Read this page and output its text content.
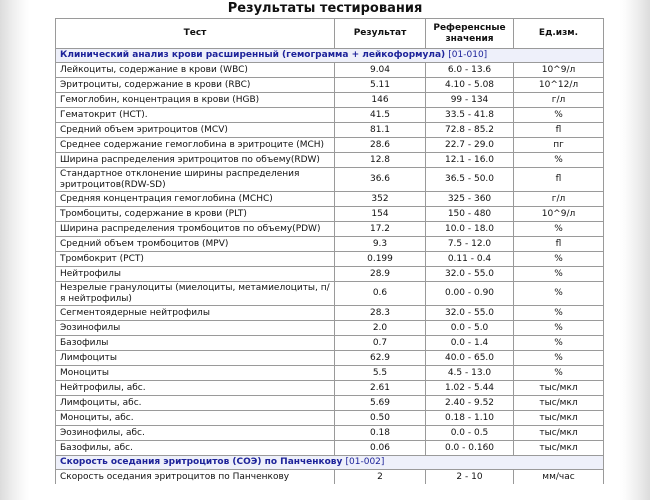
Результаты тестирования
Тест	Результат	Референсные значения	Ед.изм.
Клинический анализ крови расширенный (гемограмма + лейкоформула) [01-010]			
Лейкоциты, содержание в крови (WBC)	9.04	6.0 - 13.6	10^9/л
Эритроциты, содержание в крови (RBC)	5.11	4.10 - 5.08	10^12/л
Гемоглобин, концентрация в крови (HGB)	146	99 - 134	г/л
Гематокрит (HCT).	41.5	33.5 - 41.8	%
Средний объем эритроцитов (MCV)	81.1	72.8 - 85.2	fl
Среднее содержание гемоглобина в эритроците (MCH)	28.6	22.7 - 29.0	пг
Ширина распределения эритроцитов по объему(RDW)	12.8	12.1 - 16.0	%
Стандартное отклонение ширины распределения эритроцитов(RDW-SD)	36.6	36.5 - 50.0	fl
Средняя концентрация гемоглобина (MCHC)	352	325 - 360	г/л
Тромбоциты, содержание в крови (PLT)	154	150 - 480	10^9/л
Ширина распределения тромбоцитов по объему(PDW)	17.2	10.0 - 18.0	%
Средний объем тромбоцитов (MPV)	9.3	7.5 - 12.0	fl
Тромбокрит (PCT)	0.199	0.11 - 0.4	%
Нейтрофилы	28.9	32.0 - 55.0	%
Незрелые гранулоциты (миелоциты, метамиелоциты, п/я нейтрофилы)	0.6	0.00 - 0.90	%
Сегментоядерные нейтрофилы	28.3	32.0 - 55.0	%
Эозинофилы	2.0	0.0 - 5.0	%
Базофилы	0.7	0.0 - 1.4	%
Лимфоциты	62.9	40.0 - 65.0	%
Моноциты	5.5	4.5 - 13.0	%
Нейтрофилы, абс.	2.61	1.02 - 5.44	тыс/мкл
Лимфоциты, абс.	5.69	2.40 - 9.52	тыс/мкл
Моноциты, абс.	0.50	0.18 - 1.10	тыс/мкл
Эозинофилы, абс.	0.18	0.0 - 0.5	тыс/мкл
Базофилы, абс.	0.06	0.0 - 0.160	тыс/мкл
Скорость оседания эритроцитов (СОЭ) по Панченкову [01-002]			
Скорость оседания эритроцитов по Панченкову	2	2 - 10	мм/час
